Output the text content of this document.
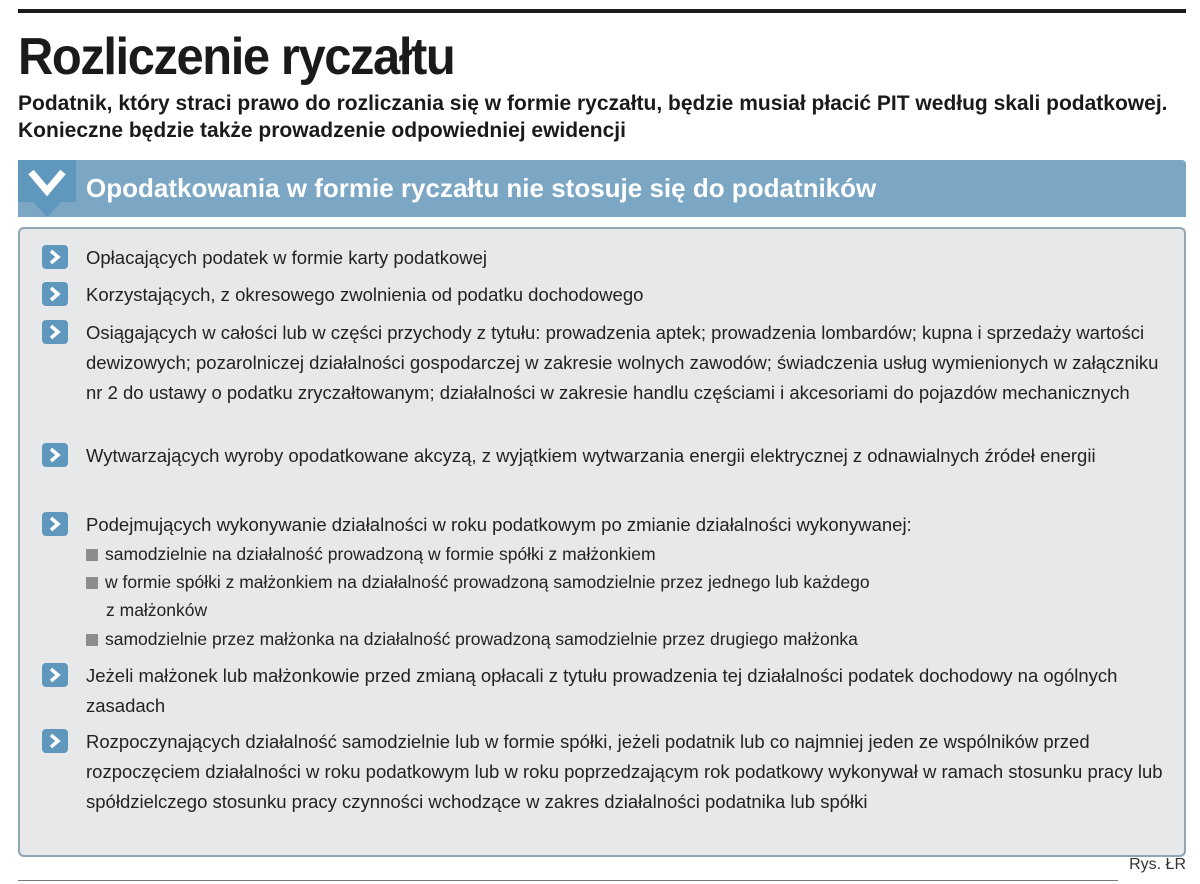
Rozliczenie ryczałtu

Podatnik, który straci prawo do rozliczania się w formie ryczałtu, będzie musiał płacić PIT według skali podatkowej. Konieczne będzie także prowadzenie odpowiedniej ewidencji

Opodatkowania w formie ryczałtu nie stosuje się do podatników

Opłacających podatek w formie karty podatkowej

Korzystających, z okresowego zwolnienia od podatku dochodowego

Osiągających w całości lub w części przychody z tytułu: prowadzenia aptek; prowadzenia lombardów; kupna i sprzedaży wartości dewizowych; pozarolniczej działalności gospodarczej w zakresie wolnych zawodów; świadczenia usług wymienionych w załączniku nr 2 do ustawy o podatku zryczałtowanym; działalności w zakresie handlu częściami i akcesoriami do pojazdów mechanicznych

Wytwarzających wyroby opodatkowane akcyzą, z wyjątkiem wytwarzania energii elektrycznej z odnawialnych źródeł energii

Podejmujących wykonywanie działalności w roku podatkowym po zmianie działalności wykonywanej:

samodzielnie na działalność prowadzoną w formie spółki z małżonkiem
w formie spółki z małżonkiem na działalność prowadzoną samodzielnie przez jednego lub każdego
z małżonków
samodzielnie przez małżonka na działalność prowadzoną samodzielnie przez drugiego małżonka

Jeżeli małżonek lub małżonkowie przed zmianą opłacali z tytułu prowadzenia tej działalności podatek dochodowy na ogólnych zasadach

Rozpoczynających działalność samodzielnie lub w formie spółki, jeżeli podatnik lub co najmniej jeden ze wspólników przed rozpoczęciem działalności w roku podatkowym lub w roku poprzedzającym rok podatkowy wykonywał w ramach stosunku pracy lub spółdzielczego stosunku pracy czynności wchodzące w zakres działalności podatnika lub spółki

Rys. ŁR
